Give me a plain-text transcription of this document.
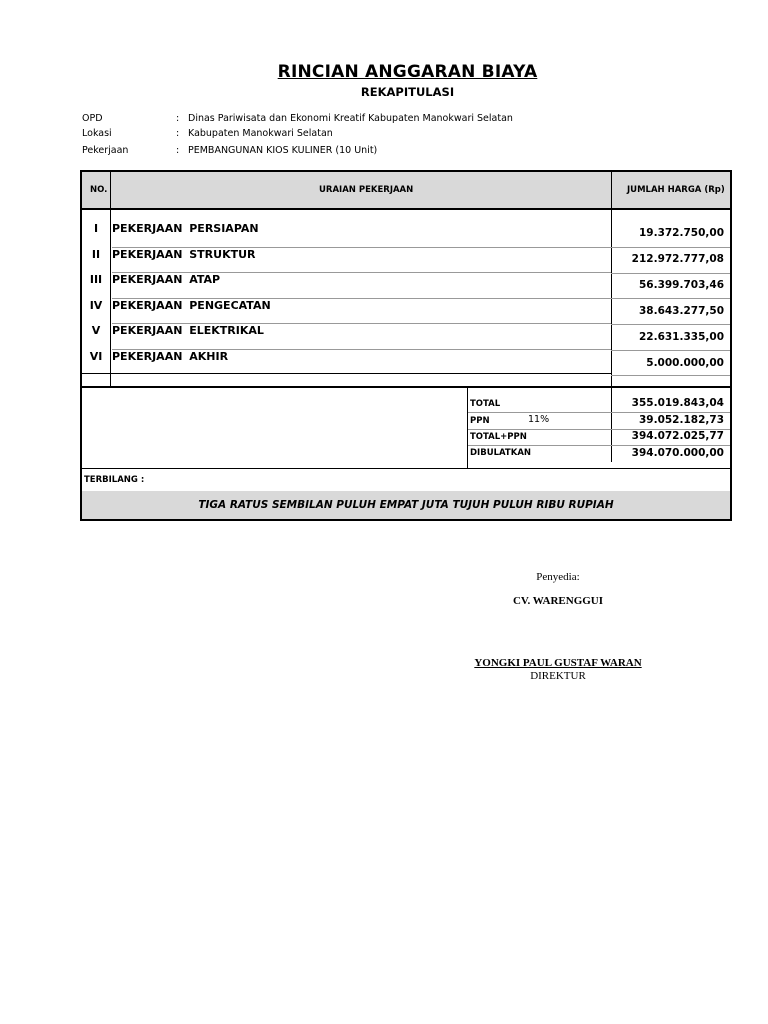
RINCIAN ANGGARAN BIAYA
REKAPITULASI
OPD	: Dinas Pariwisata dan Ekonomi Kreatif Kabupaten Manokwari Selatan
Lokasi	: Kabupaten Manokwari Selatan
Pekerjaan	: PEMBANGUNAN KIOS KULINER (10 Unit)
NO.	URAIAN PEKERJAAN	JUMLAH HARGA (Rp)
I	PEKERJAAN PERSIAPAN	19.372.750,00
II	PEKERJAAN STRUKTUR	212.972.777,08
III PEKERJAAN ATAP	56.399.703,46
IV PEKERJAAN PENGECATAN	38.643.277,50
V	PEKERJAAN ELEKTRIKAL	22.631.335,00
VI PEKERJAAN AKHIR	5.000.000,00
TOTAL	355.019.843,04
PPN	11%	39.052.182,73
TOTAL+PPN	394.072.025,77
DIBULATKAN	394.070.000,00
TERBILANG :
TIGA RATUS SEMBILAN PULUH EMPAT JUTA TUJUH PULUH RIBU RUPIAH
Penyedia:
CV. WARENGGUI
YONGKI PAUL GUSTAF WARAN
DIREKTUR
